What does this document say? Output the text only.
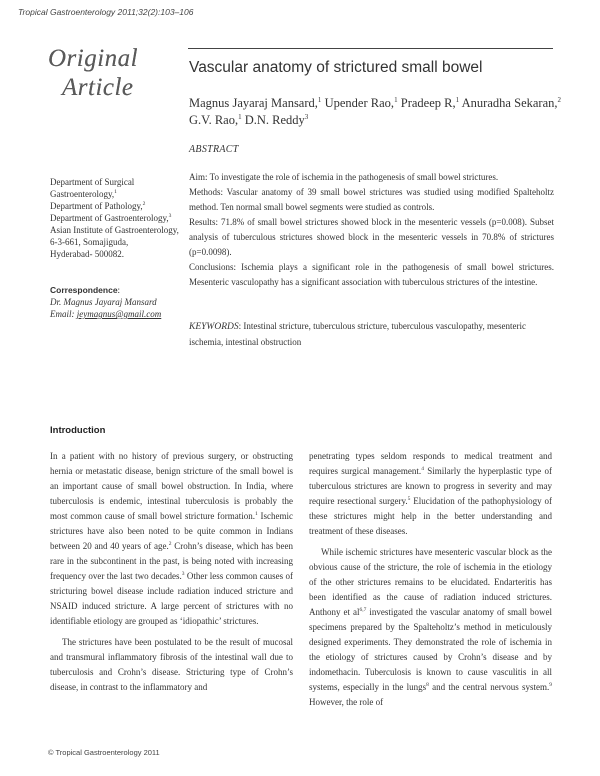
Tropical Gastroenterology 2011;32(2):103–106
Original
Article
Vascular anatomy of strictured small bowel
Magnus Jayaraj Mansard,$^1$ Upender Rao,$^1$ Pradeep R,$^1$ Anuradha Sekaran,$^2$ G.V. Rao,$^1$ D.N. Reddy$^3$
ABSTRACT

Aim: To investigate the role of ischemia in the pathogenesis of small bowel strictures.

Methods: Vascular anatomy of 39 small bowel strictures was studied using modified Spalteholtz method. Ten normal small bowel segments were studied as controls.

Results: 71.8% of small bowel strictures showed block in the mesenteric vessels (p=0.008). Subset analysis of tuberculous strictures showed block in the mesenteric vessels in 70.8% of strictures (p=0.0098).

Conclusions: Ischemia plays a significant role in the pathogenesis of small bowel strictures. Mesenteric vasculopathy has a significant association with tuberculous strictures of the intestine.

KEYWORDS: Intestinal stricture, tuberculous stricture, tuberculous vasculopathy, mesenteric ischemia, intestinal obstruction
Department of Surgical Gastroenterology,$^1$
Department of Pathology,$^2$
Department of Gastroenterology,$^3$
Asian Institute of Gastroenterology,
6-3-661, Somajiguda,
Hyderabad- 500082.
Correspondence:
Dr. Magnus Jayaraj Mansard
Email: jeymagnus@gmail.com
Introduction

In a patient with no history of previous surgery, or obstructing hernia or metastatic disease, benign stricture of the small bowel is an important cause of small bowel obstruction. In India, where tuberculosis is endemic, intestinal tuberculosis is probably the most common cause of small bowel stricture formation.$^1$ Ischemic strictures have also been noted to be quite common in Indians between 20 and 40 years of age.$^2$ Crohn’s disease, which has been rare in the subcontinent in the past, is being noted with increasing frequency over the last two decades.$^3$ Other less common causes of stricturing bowel disease include radiation induced stricture and NSAID induced stricture. A large percent of strictures with no identifiable etiology are grouped as ‘idiopathic’ strictures.

The strictures have been postulated to be the result of mucosal and transmural inflammatory fibrosis of the intestinal wall due to tuberculosis and Crohn’s disease. Stricturing type of Crohn’s disease, in contrast to the inflammatory and

penetrating types seldom responds to medical treatment and requires surgical management.$^4$ Similarly the hyperplastic type of tuberculous strictures are known to progress in severity and may require resectional surgery.$^5$ Elucidation of the pathophysiology of these strictures might help in the better understanding and treatment of these diseases.

While ischemic strictures have mesenteric vascular block as the obvious cause of the stricture, the role of ischemia in the etiology of the other strictures remains to be elucidated. Endarteritis has been identified as the cause of radiation induced strictures. Anthony et al$^{6,7}$ investigated the vascular anatomy of small bowel specimens prepared by the Spalteholtz’s method in meticulously designed experiments. They demonstrated the role of ischemia in the etiology of strictures caused by Crohn’s disease and by indomethacin. Tuberculosis is known to cause vasculitis in all systems, especially in the lungs$^8$ and the central nervous system.$^9$ However, the role of

© Tropical Gastroenterology 2011
